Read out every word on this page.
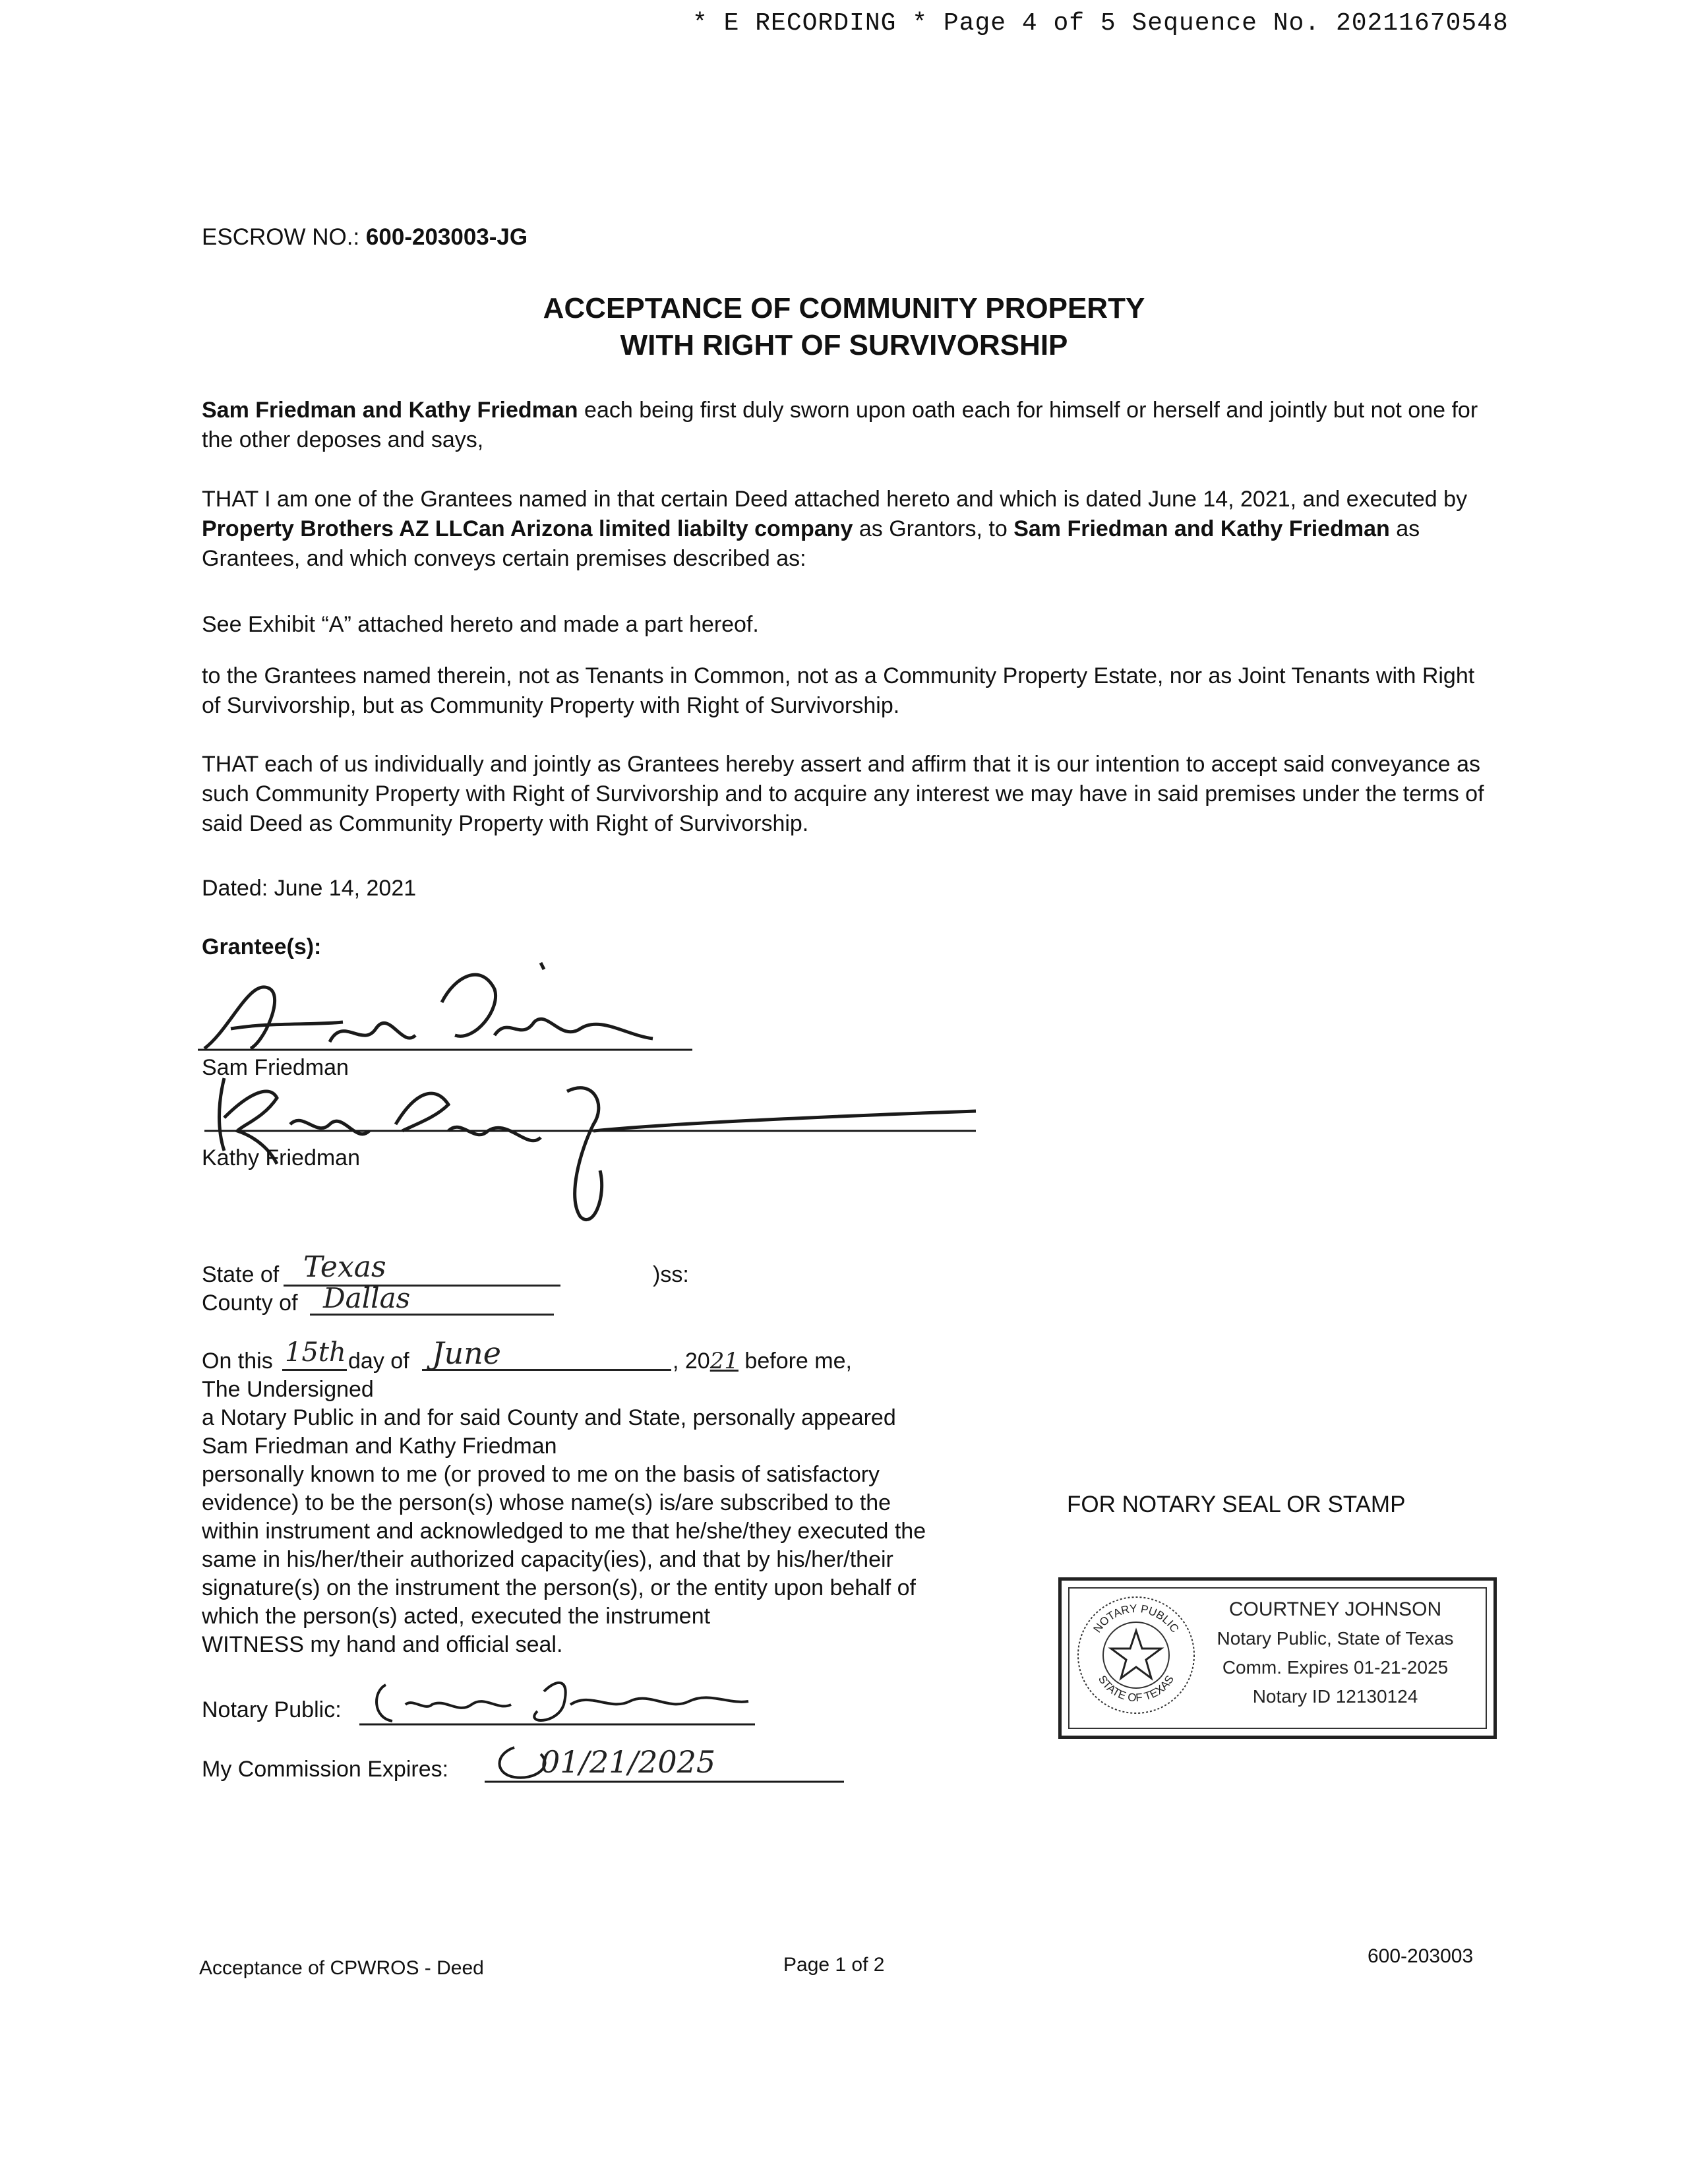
* E RECORDING * Page 4 of 5 Sequence No. 20211670548
ESCROW NO.: 600-203003-JG
ACCEPTANCE OF COMMUNITY PROPERTY
WITH RIGHT OF SURVIVORSHIP
Sam Friedman and Kathy Friedman each being first duly sworn upon oath each for himself or herself and jointly but not one for the other deposes and says,
THAT I am one of the Grantees named in that certain Deed attached hereto and which is dated June 14, 2021, and executed by Property Brothers AZ LLCan Arizona limited liabilty company as Grantors, to Sam Friedman and Kathy Friedman as Grantees, and which conveys certain premises described as:
See Exhibit “A” attached hereto and made a part hereof.
to the Grantees named therein, not as Tenants in Common, not as a Community Property Estate, nor as Joint Tenants with Right of Survivorship, but as Community Property with Right of Survivorship.
THAT each of us individually and jointly as Grantees hereby assert and affirm that it is our intention to accept said conveyance as such Community Property with Right of Survivorship and to acquire any interest we may have in said premises under the terms of said Deed as Community Property with Right of Survivorship.
Dated: June 14, 2021
Grantee(s):
Sam Friedman
Kathy Friedman
State of Texas	)ss:
County of Dallas
On this 15th day of June	, 2021 before me,
The Undersigned
a Notary Public in and for said County and State, personally appeared
Sam Friedman and Kathy Friedman
personally known to me (or proved to me on the basis of satisfactory
evidence) to be the person(s) whose name(s) is/are subscribed to the
within instrument and acknowledged to me that he/she/they executed the
same in his/her/their authorized capacity(ies), and that by his/her/their
signature(s) on the instrument the person(s), or the entity upon behalf of
which the person(s) acted, executed the instrument
WITNESS my hand and official seal.
Notary Public:
My Commission Expires:	01/21/2025
FOR NOTARY SEAL OR STAMP
NOTARY PUBLIC
STATE OF TEXAS
COURTNEY JOHNSON
Notary Public, State of Texas
Comm. Expires 01-21-2025
Notary ID 12130124
Acceptance of CPWROS - Deed	Page 1 of 2	600-203003
